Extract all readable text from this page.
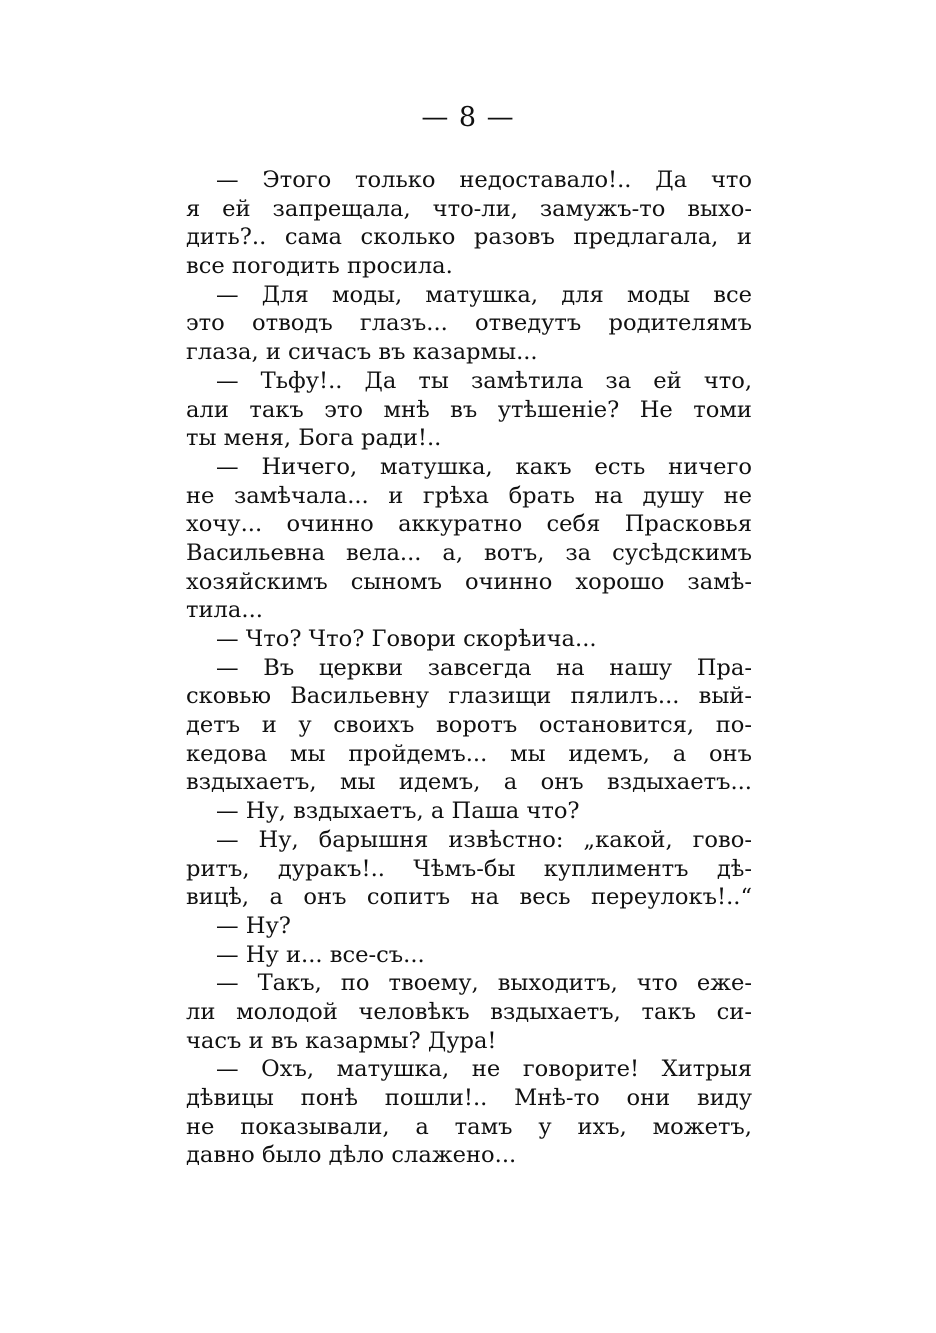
— 8 —
— Этого только недоставало!.. Да что
я ей запрещала, что-ли, замужъ-то выхо-
дить?.. сама сколько разовъ предлагала, и
все погодить просила.
— Для моды, матушка, для моды все
это отводъ глазъ... отведутъ родителямъ
глаза, и сичасъ въ казармы...
— Тьфу!.. Да ты замѣтила за ей что,
али такъ это мнѣ въ утѣшеніе? Не томи
ты меня, Бога ради!..
— Ничего, матушка, какъ есть ничего
не замѣчала... и грѣха брать на душу не
хочу... очинно аккуратно себя Прасковья
Васильевна вела... а, вотъ, за сусѣдскимъ
хозяйскимъ сыномъ очинно хорошо замѣ-
тила...
— Что? Что? Говори скорѣича...
— Въ церкви завсегда на нашу Пра-
сковью Васильевну глазищи пялилъ... вый-
детъ и у своихъ воротъ остановится, по-
кедова мы пройдемъ... мы идемъ, а онъ
вздыхаетъ, мы идемъ, а онъ вздыхаетъ...
— Ну, вздыхаетъ, а Паша что?
— Ну, барышня извѣстно: „какой, гово-
ритъ, дуракъ!.. Чѣмъ-бы куплиментъ дѣ-
вицѣ, а онъ сопитъ на весь переулокъ!..“
— Ну?
— Ну и... все-съ...
— Такъ, по твоему, выходитъ, что ежe-
ли молодой человѣкъ вздыхаетъ, такъ си-
часъ и въ казармы? Дура!
— Охъ, матушка, не говорите! Хитрыя
дѣвицы понѣ пошли!.. Мнѣ-то они виду
не показывали, а тамъ у ихъ, можетъ,
давно было дѣло слажено...
